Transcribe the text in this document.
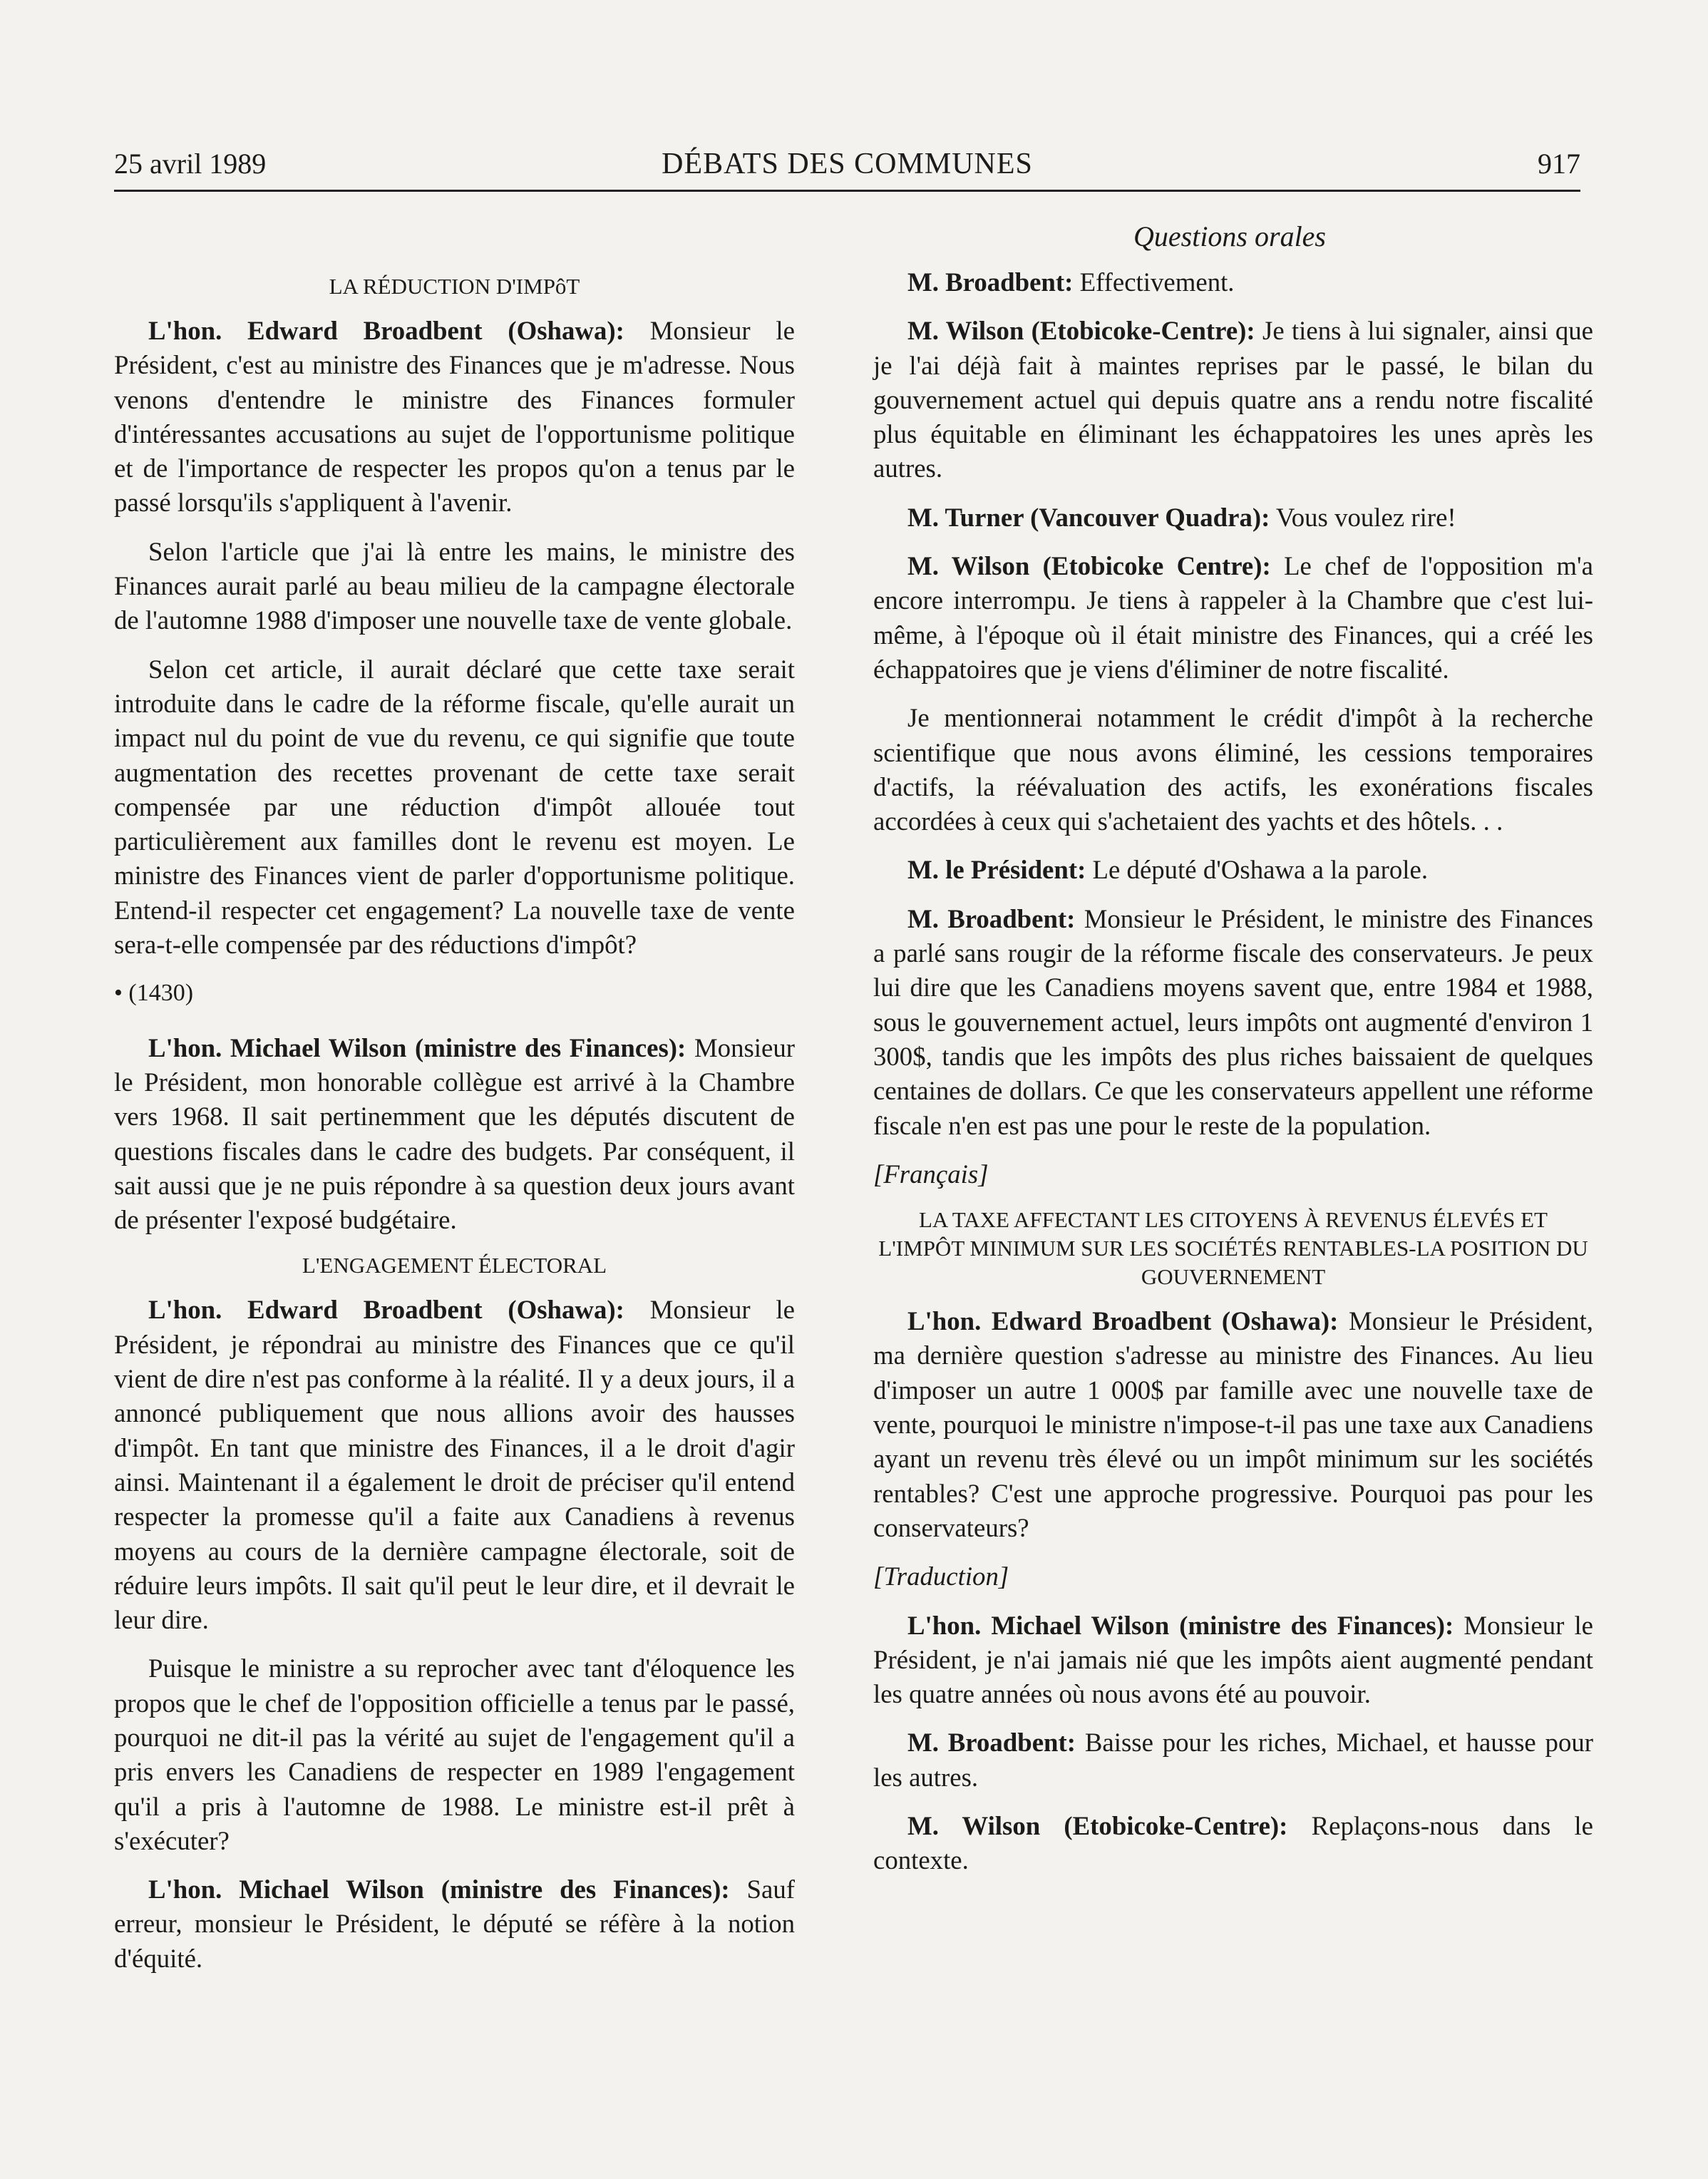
25 avril 1989	DÉBATS DES COMMUNES	917
Questions orales
LA RÉDUCTION D'IMPôT

L'hon. Edward Broadbent (Oshawa): Monsieur le Président, c'est au ministre des Finances que je m'adresse. Nous venons d'entendre le ministre des Finances formuler d'intéressantes accusations au sujet de l'opportunisme politique et de l'importance de respecter les propos qu'on a tenus par le passé lorsqu'ils s'appliquent à l'avenir.

Selon l'article que j'ai là entre les mains, le ministre des Finances aurait parlé au beau milieu de la campagne électorale de l'automne 1988 d'imposer une nouvelle taxe de vente globale.

Selon cet article, il aurait déclaré que cette taxe serait introduite dans le cadre de la réforme fiscale, qu'elle aurait un impact nul du point de vue du revenu, ce qui signifie que toute augmentation des recettes provenant de cette taxe serait compensée par une réduction d'impôt allouée tout particulièrement aux familles dont le revenu est moyen. Le ministre des Finances vient de parler d'opportunisme politique. Entend-il respecter cet engagement? La nouvelle taxe de vente sera-t-elle compensée par des réductions d'impôt?

• (1430)

L'hon. Michael Wilson (ministre des Finances): Monsieur le Président, mon honorable collègue est arrivé à la Chambre vers 1968. Il sait pertinemment que les députés discutent de questions fiscales dans le cadre des budgets. Par conséquent, il sait aussi que je ne puis répondre à sa question deux jours avant de présenter l'exposé budgétaire.

L'ENGAGEMENT ÉLECTORAL

L'hon. Edward Broadbent (Oshawa): Monsieur le Président, je répondrai au ministre des Finances que ce qu'il vient de dire n'est pas conforme à la réalité. Il y a deux jours, il a annoncé publiquement que nous allions avoir des hausses d'impôt. En tant que ministre des Finances, il a le droit d'agir ainsi. Maintenant il a également le droit de préciser qu'il entend respecter la promesse qu'il a faite aux Canadiens à revenus moyens au cours de la dernière campagne électorale, soit de réduire leurs impôts. Il sait qu'il peut le leur dire, et il devrait le leur dire.

Puisque le ministre a su reprocher avec tant d'éloquence les propos que le chef de l'opposition officielle a tenus par le passé, pourquoi ne dit-il pas la vérité au sujet de l'engagement qu'il a pris envers les Canadiens de respecter en 1989 l'engagement qu'il a pris à l'automne de 1988. Le ministre est-il prêt à s'exécuter?

L'hon. Michael Wilson (ministre des Finances): Sauf erreur, monsieur le Président, le député se réfère à la notion d'équité.

M. Broadbent: Effectivement.

M. Wilson (Etobicoke-Centre): Je tiens à lui signaler, ainsi que je l'ai déjà fait à maintes reprises par le passé, le bilan du gouvernement actuel qui depuis quatre ans a rendu notre fiscalité plus équitable en éliminant les échappatoires les unes après les autres.

M. Turner (Vancouver Quadra): Vous voulez rire!

M. Wilson (Etobicoke Centre): Le chef de l'opposition m'a encore interrompu. Je tiens à rappeler à la Chambre que c'est lui-même, à l'époque où il était ministre des Finances, qui a créé les échappatoires que je viens d'éliminer de notre fiscalité.

Je mentionnerai notamment le crédit d'impôt à la recherche scientifique que nous avons éliminé, les cessions temporaires d'actifs, la réévaluation des actifs, les exonérations fiscales accordées à ceux qui s'achetaient des yachts et des hôtels. . .

M. le Président: Le député d'Oshawa a la parole.

M. Broadbent: Monsieur le Président, le ministre des Finances a parlé sans rougir de la réforme fiscale des conservateurs. Je peux lui dire que les Canadiens moyens savent que, entre 1984 et 1988, sous le gouvernement actuel, leurs impôts ont augmenté d'environ 1 300$, tandis que les impôts des plus riches baissaient de quelques centaines de dollars. Ce que les conservateurs appellent une réforme fiscale n'en est pas une pour le reste de la population.

[Français]

LA TAXE AFFECTANT LES CITOYENS À REVENUS ÉLEVÉS ET L'IMPÔT MINIMUM SUR LES SOCIÉTÉS RENTABLES-LA POSITION DU GOUVERNEMENT

L'hon. Edward Broadbent (Oshawa): Monsieur le Président, ma dernière question s'adresse au ministre des Finances. Au lieu d'imposer un autre 1 000$ par famille avec une nouvelle taxe de vente, pourquoi le ministre n'impose-t-il pas une taxe aux Canadiens ayant un revenu très élevé ou un impôt minimum sur les sociétés rentables? C'est une approche progressive. Pourquoi pas pour les conservateurs?

[Traduction]

L'hon. Michael Wilson (ministre des Finances): Monsieur le Président, je n'ai jamais nié que les impôts aient augmenté pendant les quatre années où nous avons été au pouvoir.

M. Broadbent: Baisse pour les riches, Michael, et hausse pour les autres.

M. Wilson (Etobicoke-Centre): Replaçons-nous dans le contexte.
